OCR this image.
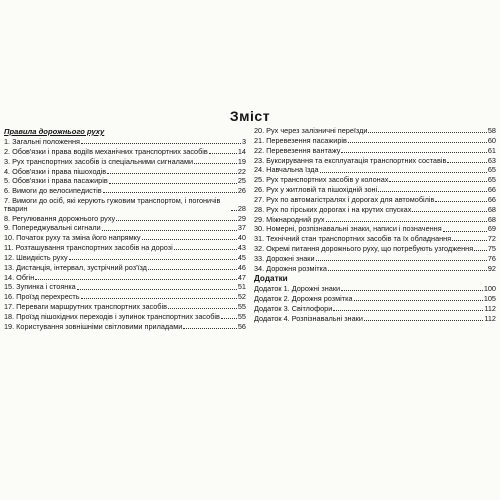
Зміст
Правила дорожнього руху
1. Загальні положення	3
2. Обов'язки і права водіїв механічних транспортних засобів	14
3. Рух транспортних засобів із спеціальними сигналами	19
4. Обов'язки і права пішоходів	22
5. Обов'язки і права пасажирів	25
6. Вимоги до велосипедистів	26
7. Вимоги до осіб, які керують гужовим транспортом, і погоничів тварин	28
8. Регулювання дорожнього руху	29
9. Попереджувальні сигнали	37
10. Початок руху та зміна його напрямку	40
11. Розташування транспортних засобів на дорозі	43
12. Швидкість руху	45
13. Дистанція, інтервал, зустрічний роз'їзд	46
14. Обгін	47
15. Зупинка і стоянка	51
16. Проїзд перехресть	52
17. Переваги маршрутних транспортних засобів	55
18. Проїзд пішохідних переходів і зупинок транспортних засобів 55
19. Користування зовнішніми світловими приладами	56
20. Рух через залізничні переїзди	58
21. Перевезення пасажирів	60
22. Перевезення вантажу	61
23. Буксирування та експлуатація транспортних составів	63
24. Навчальна їзда	65
25. Рух транспортних засобів у колонах	65
26. Рух у житловій та пішохідній зоні	66
27. Рух по автомагістралях і дорогах для автомобілів	66
28. Рух по гірських дорогах і на крутих спусках	68
29. Міжнародний рух	68
30. Номерні, розпізнавальні знаки, написи і позначення	69
31. Технічний стан транспортних засобів та їх обладнання	72
32. Окремі питання дорожнього руху, що потребують узгодження 75
33. Дорожні знаки	76
34. Дорожня розмітка	92
Додатки
Додаток 1. Дорожні знаки	100
Додаток 2. Дорожня розмітка	105
Додаток 3. Світлофори	112
Додаток 4. Розпізнавальні знаки	112
